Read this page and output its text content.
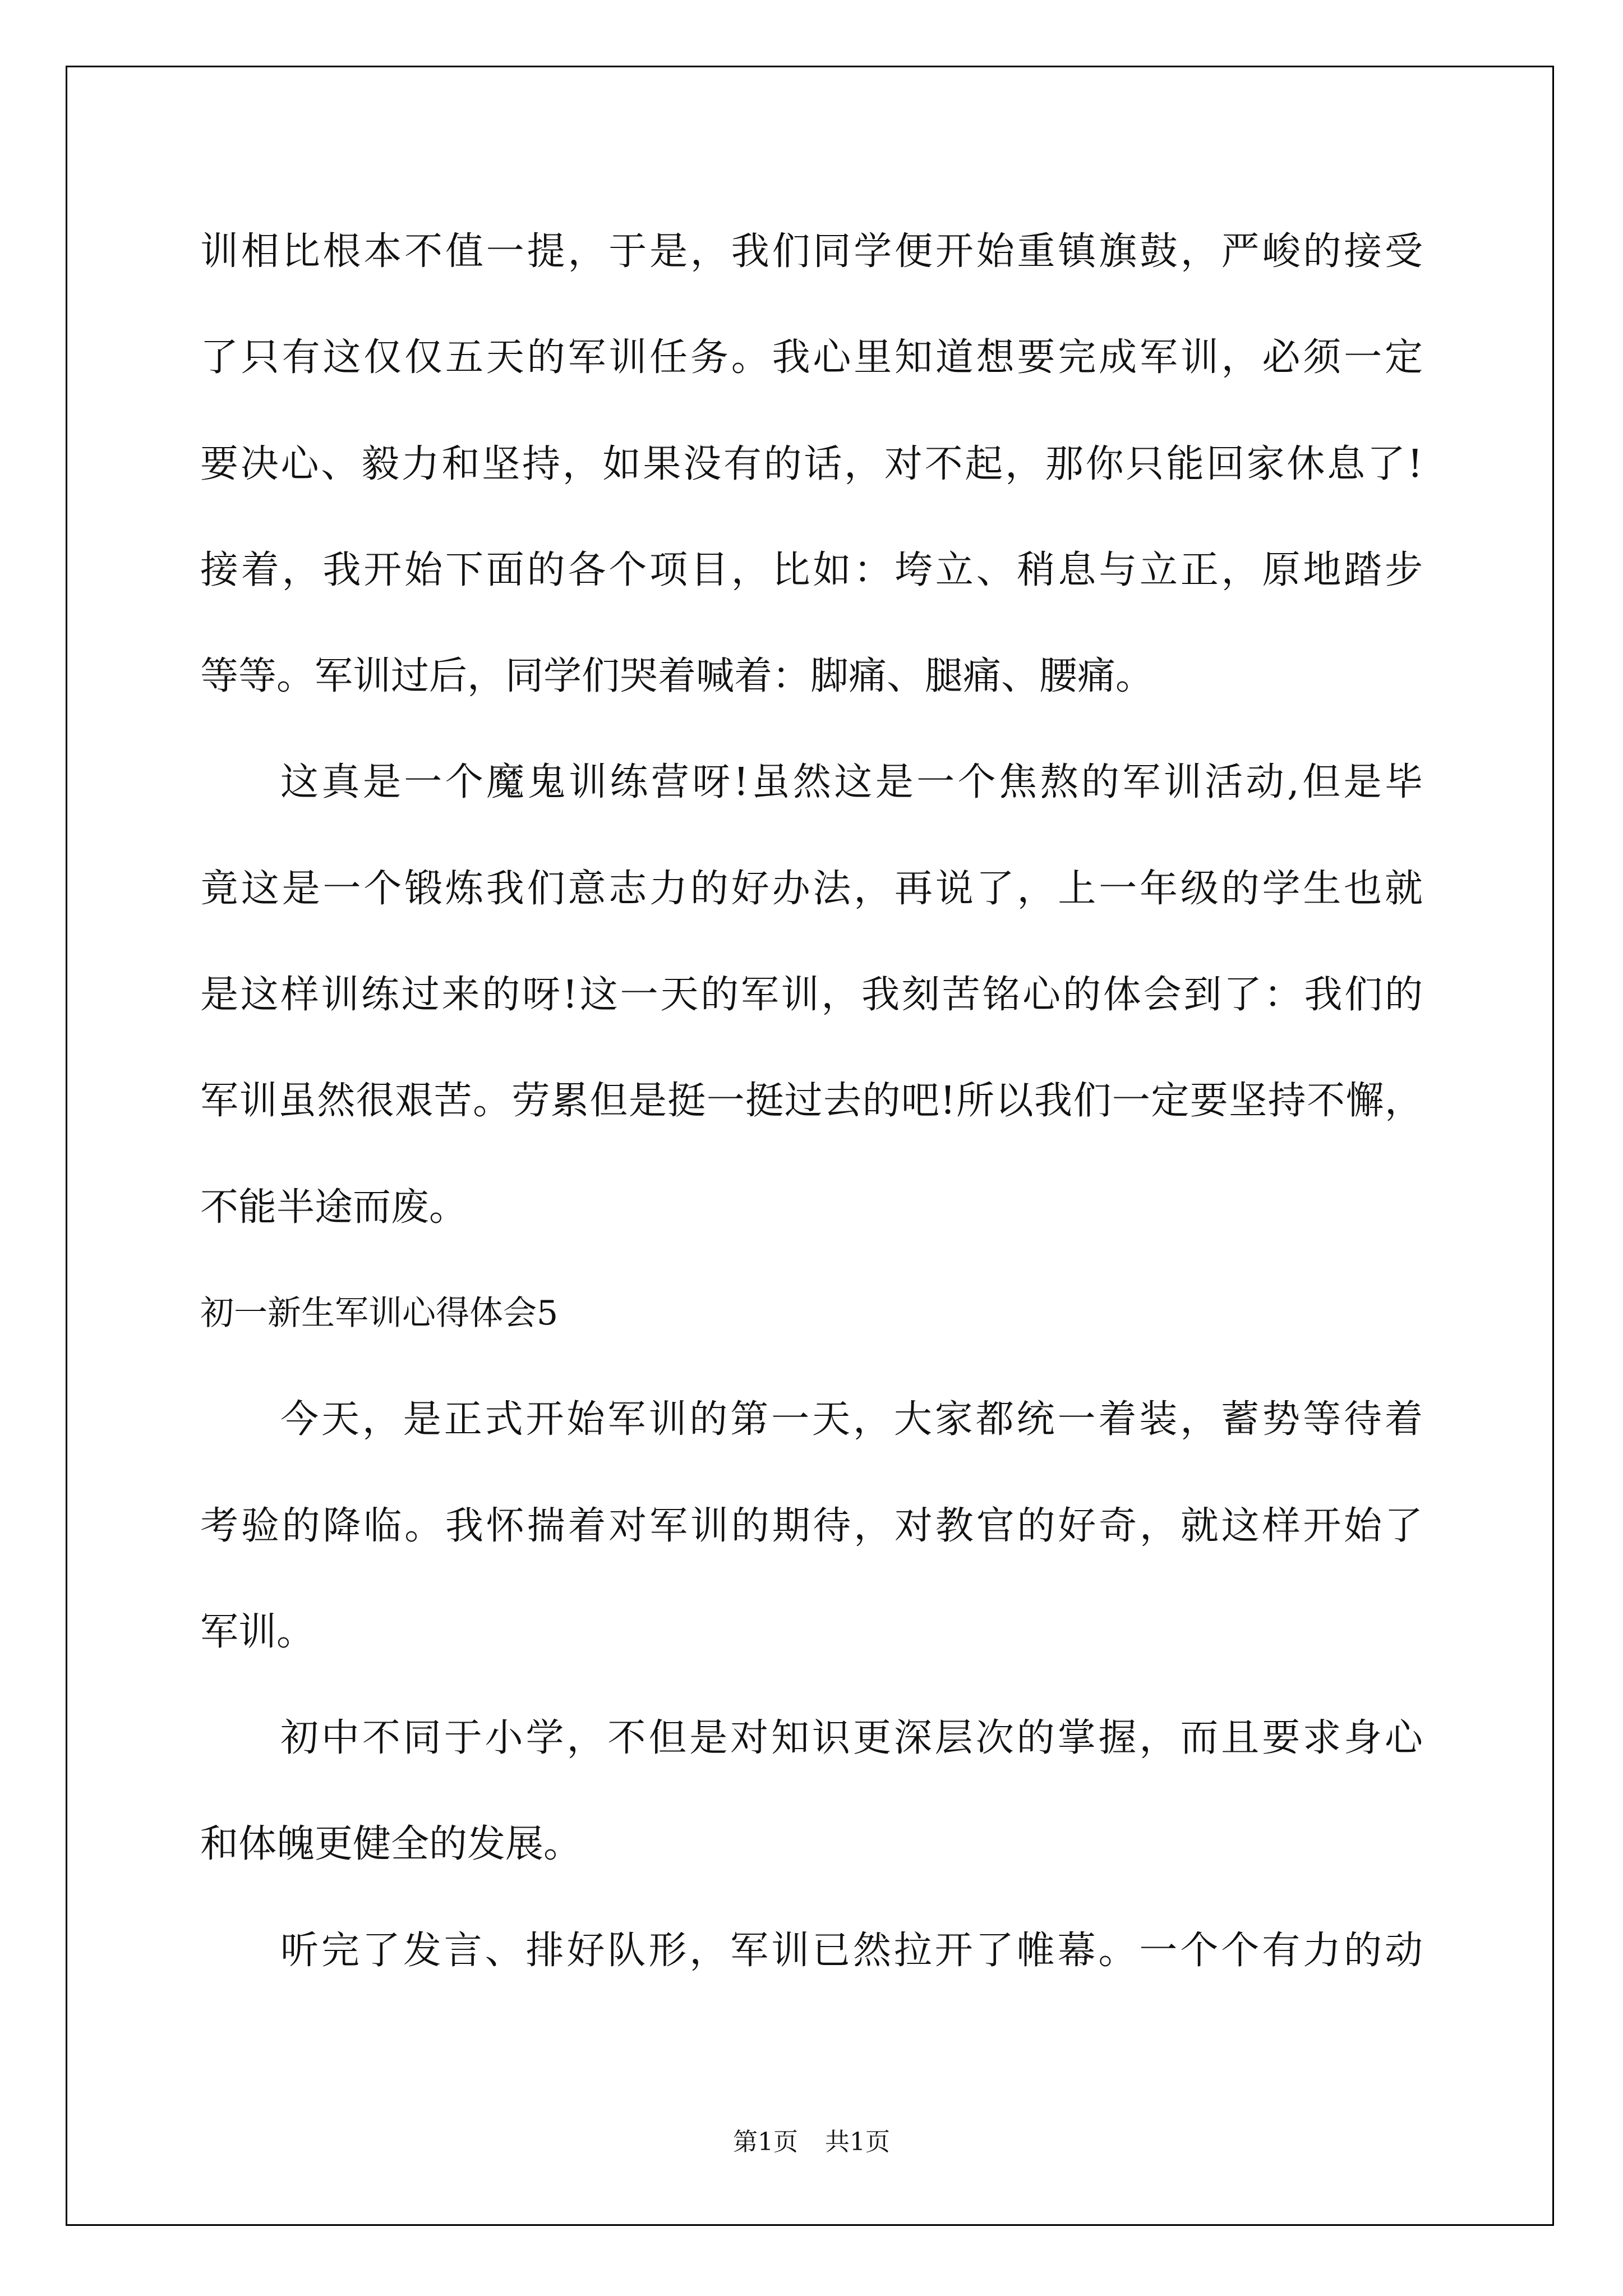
训相比根本不值一提，于是，我们同学便开始重镇旗鼓，严峻的接受
了只有这仅仅五天的军训任务。我心里知道想要完成军训，必须一定
要决心、毅力和坚持，如果没有的话，对不起，那你只能回家休息了!
接着，我开始下面的各个项目，比如：垮立、稍息与立正，原地踏步
等等。军训过后，同学们哭着喊着：脚痛、腿痛、腰痛。
这真是一个魔鬼训练营呀!虽然这是一个焦熬的军训活动,但是毕
竟这是一个锻炼我们意志力的好办法，再说了，上一年级的学生也就
是这样训练过来的呀!这一天的军训，我刻苦铭心的体会到了：我们的
军训虽然很艰苦。劳累但是挺一挺过去的吧!所以我们一定要坚持不懈，
不能半途而废。
初一新生军训心得体会5
今天，是正式开始军训的第一天，大家都统一着装，蓄势等待着
考验的降临。我怀揣着对军训的期待，对教官的好奇，就这样开始了
军训。
初中不同于小学，不但是对知识更深层次的掌握，而且要求身心
和体魄更健全的发展。
听完了发言、排好队形，军训已然拉开了帷幕。一个个有力的动
第1页 共1页
